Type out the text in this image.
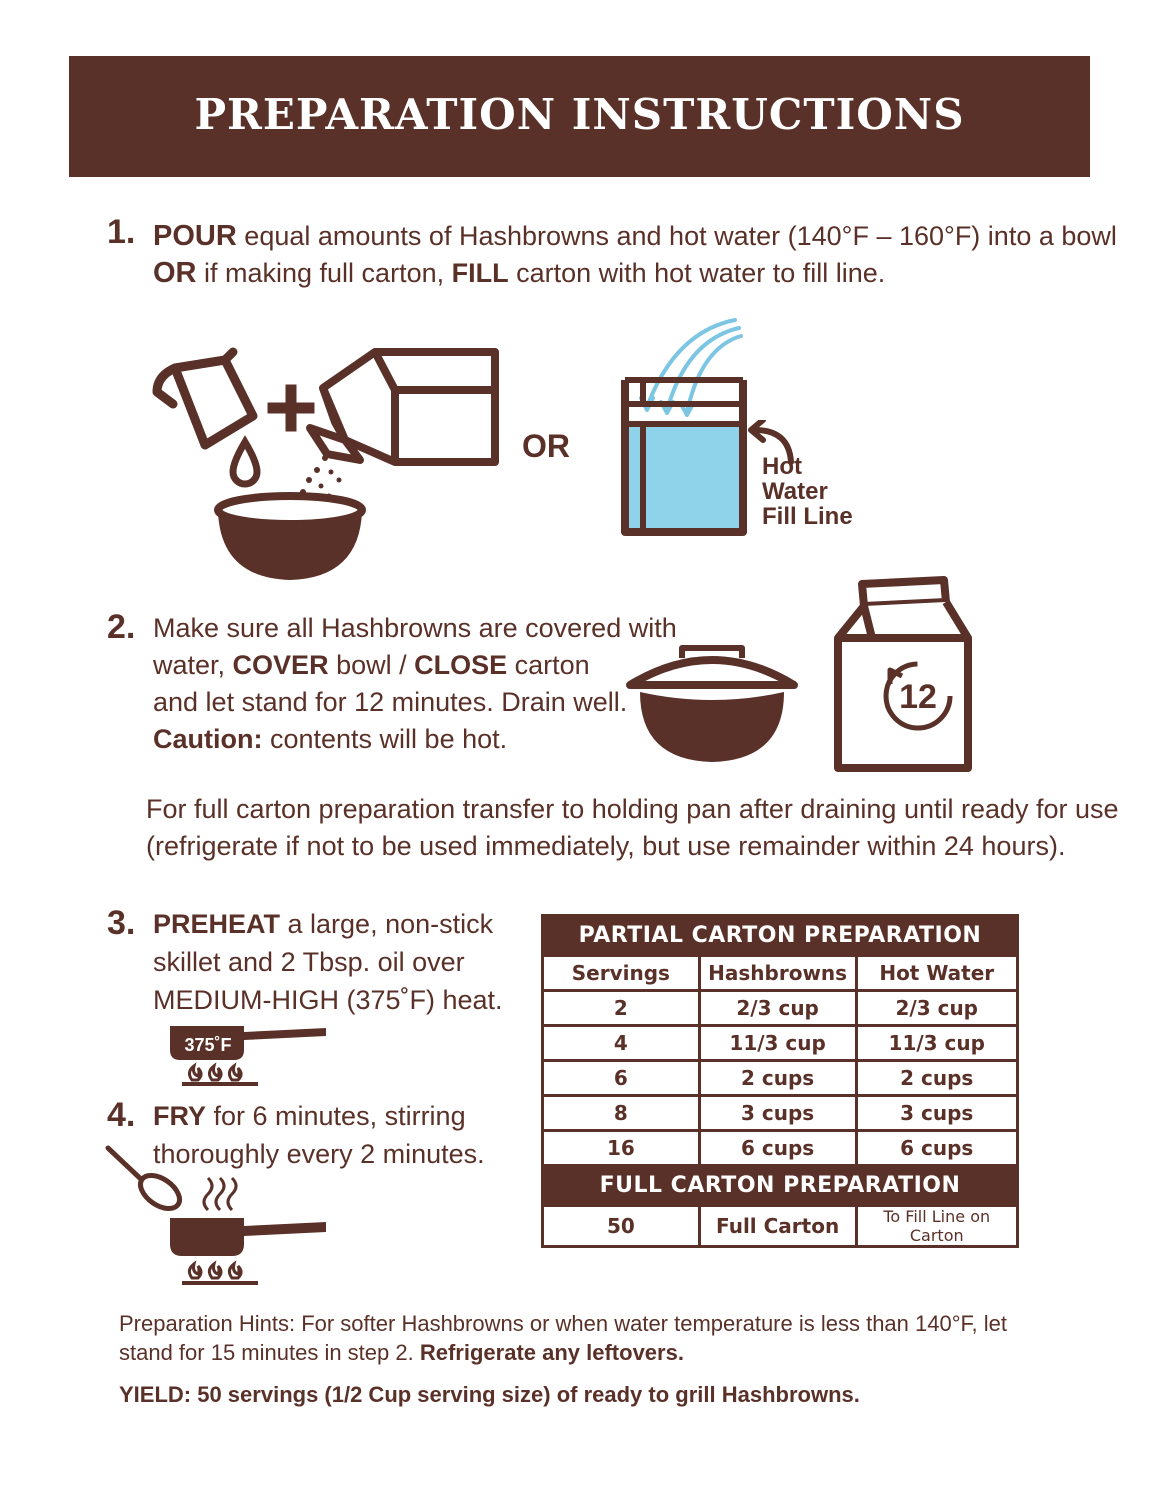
PREPARATION INSTRUCTIONS
1. POUR equal amounts of Hashbrowns and hot water (140°F – 160°F) into a bowl
OR if making full carton, FILL carton with hot water to fill line.
OR
Hot
Water
Fill Line
2. Make sure all Hashbrowns are covered with
water, COVER bowl / CLOSE carton
and let stand for 12 minutes. Drain well.
Caution: contents will be hot.
12
For full carton preparation transfer to holding pan after draining until ready for use
(refrigerate if not to be used immediately, but use remainder within 24 hours).
3. PREHEAT a large, non-stick
skillet and 2 Tbsp. oil over
MEDIUM-HIGH (375˚F) heat.
375˚F
4. FRY for 6 minutes, stirring
thoroughly every 2 minutes.
PARTIAL CARTON PREPARATION		
Servings	Hashbrowns	Hot Water
2	2/3 cup	2/3 cup
4	11/3 cup	11/3 cup
6	2 cups	2 cups
8	3 cups	3 cups
16	6 cups	6 cups
FULL CARTON PREPARATION		
50	Full Carton	To Fill Line on Carton
Preparation Hints: For softer Hashbrowns or when water temperature is less than 140°F, let
stand for 15 minutes in step 2. Refrigerate any leftovers.
YIELD: 50 servings (1/2 Cup serving size) of ready to grill Hashbrowns.
